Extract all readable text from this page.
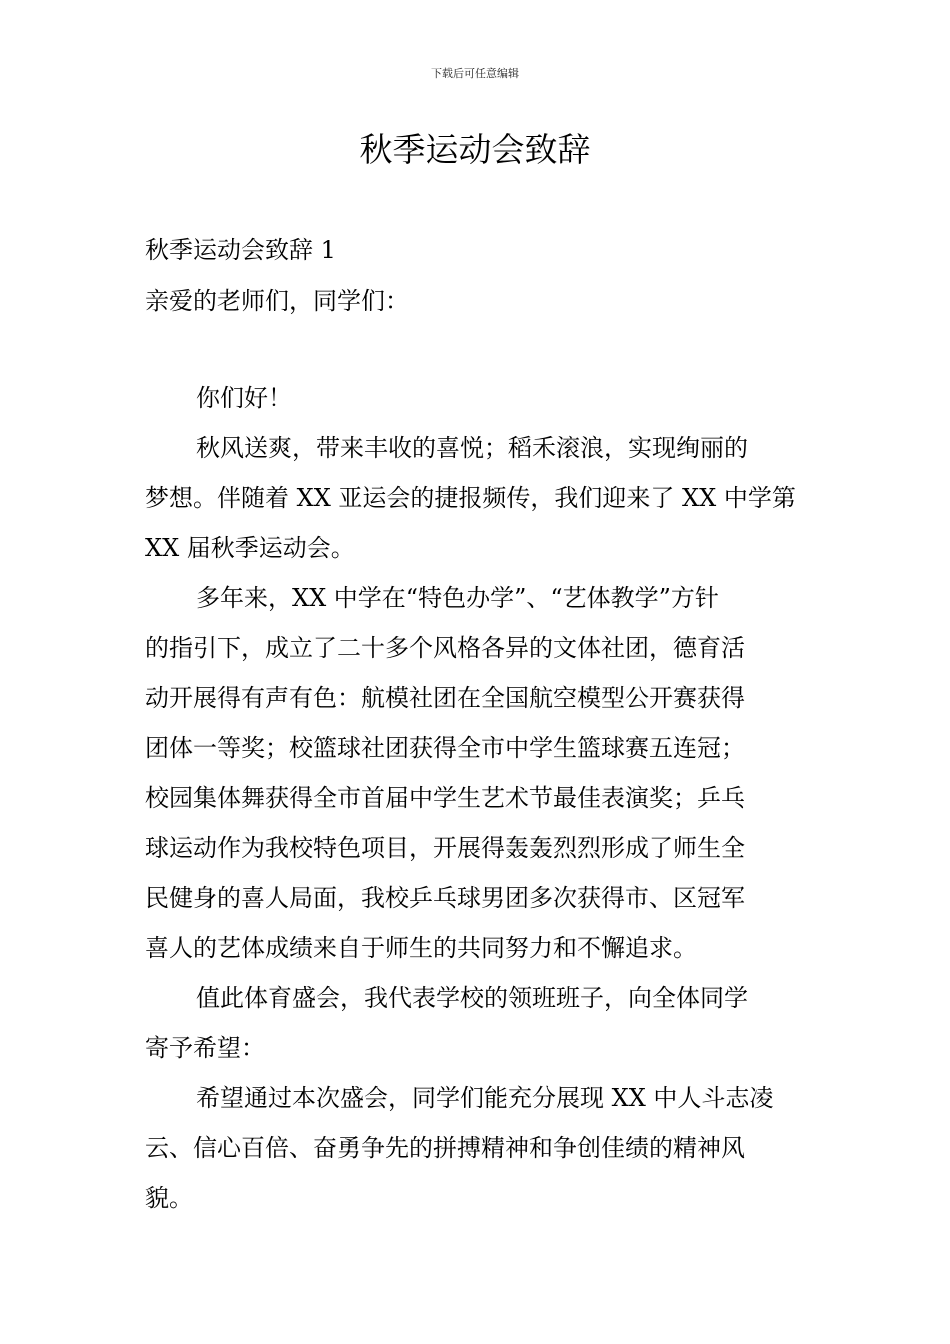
下载后可任意编辑
秋季运动会致辞
秋季运动会致辞 1
亲爱的老师们，同学们：
你们好！
秋风送爽，带来丰收的喜悦；稻禾滚浪，实现绚丽的
梦想。伴随着 XX 亚运会的捷报频传，我们迎来了 XX 中学第
XX 届秋季运动会。
多年来，XX 中学在“特色办学”、“艺体教学”方针
的指引下，成立了二十多个风格各异的文体社团，德育活
动开展得有声有色：航模社团在全国航空模型公开赛获得
团体一等奖；校篮球社团获得全市中学生篮球赛五连冠；
校园集体舞获得全市首届中学生艺术节最佳表演奖；乒乓
球运动作为我校特色项目，开展得轰轰烈烈形成了师生全
民健身的喜人局面，我校乒乓球男团多次获得市、区冠军
喜人的艺体成绩来自于师生的共同努力和不懈追求。
值此体育盛会，我代表学校的领班班子，向全体同学
寄予希望：
希望通过本次盛会，同学们能充分展现 XX 中人斗志凌
云、信心百倍、奋勇争先的拼搏精神和争创佳绩的精神风
貌。
